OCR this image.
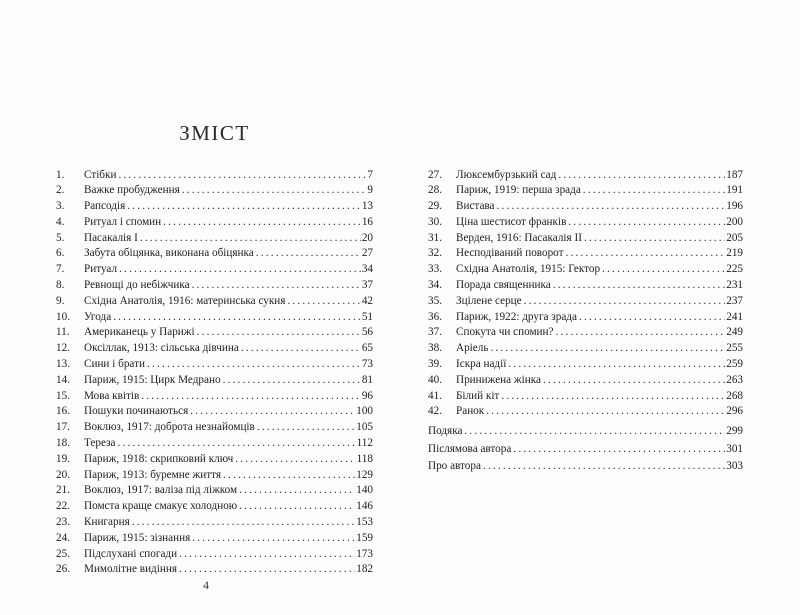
ЗМІСТ
1.	Стібки . . .	7
2.	Важке пробудження . . .	9
3.	Рапсодія . . .	13
4.	Ритуал і спомин . . .	16
5.	Пасакалія І . . .	20
6.	Забута обіцянка, виконана обіцянка . . .	27
7.	Ритуал . . .	34
8.	Ревнощі до небіжчика . . .	37
9.	Східна Анатолія, 1916: материнська сукня . . .	42
10.	Угода . . .	51
11.	Американець у Парижі . . .	56
12.	Оксіллак, 1913: сільська дівчина . . .	65
13.	Сини і брати . . .	73
14.	Париж, 1915: Цирк Медрано . . .	81
15.	Мова квітів . . .	96
16.	Пошуки починаються . . .	100
17.	Воклюз, 1917: доброта незнайомців . . .	105
18.	Тереза . . .	112
19.	Париж, 1918: скрипковий ключ . . .	118
20.	Париж, 1913: буремне життя . . .	129
21.	Воклюз, 1917: валіза під ліжком . . .	140
22.	Помста краще смакує холодною . . .	146
23.	Книгарня . . .	153
24.	Париж, 1915: зізнання . . .	159
25.	Підслухані спогади . . .	173
26.	Мимолітне видіння . . .	182
27.	Люксембурзький сад . . .	187
28.	Париж, 1919: перша зрада . . .	191
29.	Вистава . . .	196
30.	Ціна шестисот франків . . .	200
31.	Верден, 1916: Пасакалія ІІ . . .	205
32.	Несподіваний поворот . . .	219
33.	Східна Анатолія, 1915: Гектор . . .	225
34.	Порада священника . . .	231
35.	Зцілене серце . . .	237
36.	Париж, 1922: друга зрада . . .	241
37.	Спокута чи спомин? . . .	249
38.	Аріель . . .	255
39.	Іскра надії . . .	259
40.	Принижена жінка . . .	263
41.	Білий кіт . . .	268
42.	Ранок . . .	296
Подяка . . .	299
Післямова автора . . .	301
Про автора . . .	303
4
